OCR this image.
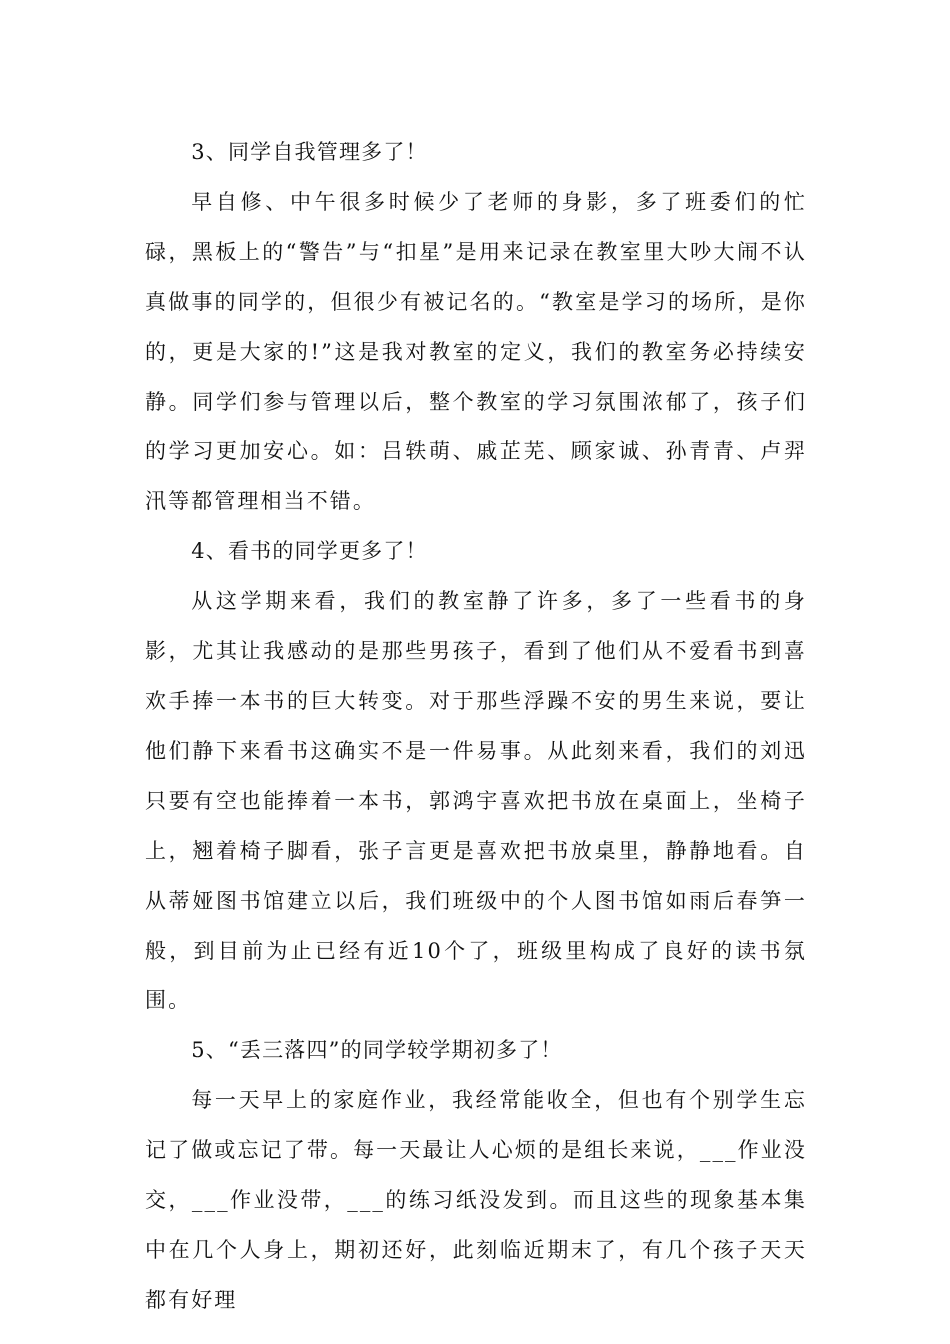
3、同学自我管理多了！

早自修、中午很多时候少了老师的身影，多了班委们的忙碌，黑板上的“警告”与“扣星”是用来记录在教室里大吵大闹不认真做事的同学的，但很少有被记名的。“教室是学习的场所，是你的，更是大家的!”这是我对教室的定义，我们的教室务必持续安静。同学们参与管理以后，整个教室的学习氛围浓郁了，孩子们的学习更加安心。如：吕轶萌、戚芷芜、顾家诚、孙青青、卢羿汛等都管理相当不错。

4、看书的同学更多了！

从这学期来看，我们的教室静了许多，多了一些看书的身影，尤其让我感动的是那些男孩子，看到了他们从不爱看书到喜欢手捧一本书的巨大转变。对于那些浮躁不安的男生来说，要让他们静下来看书这确实不是一件易事。从此刻来看，我们的刘迅只要有空也能捧着一本书，郭鸿宇喜欢把书放在桌面上，坐椅子上，翘着椅子脚看，张子言更是喜欢把书放桌里，静静地看。自从蒂娅图书馆建立以后，我们班级中的个人图书馆如雨后春笋一般，到目前为止已经有近10个了，班级里构成了良好的读书氛围。

5、“丢三落四”的同学较学期初多了！

每一天早上的家庭作业，我经常能收全，但也有个别学生忘记了做或忘记了带。每一天最让人心烦的是组长来说，___作业没交，___作业没带，___的练习纸没发到。而且这些的现象基本集中在几个人身上，期初还好，此刻临近期末了，有几个孩子天天都有好理
